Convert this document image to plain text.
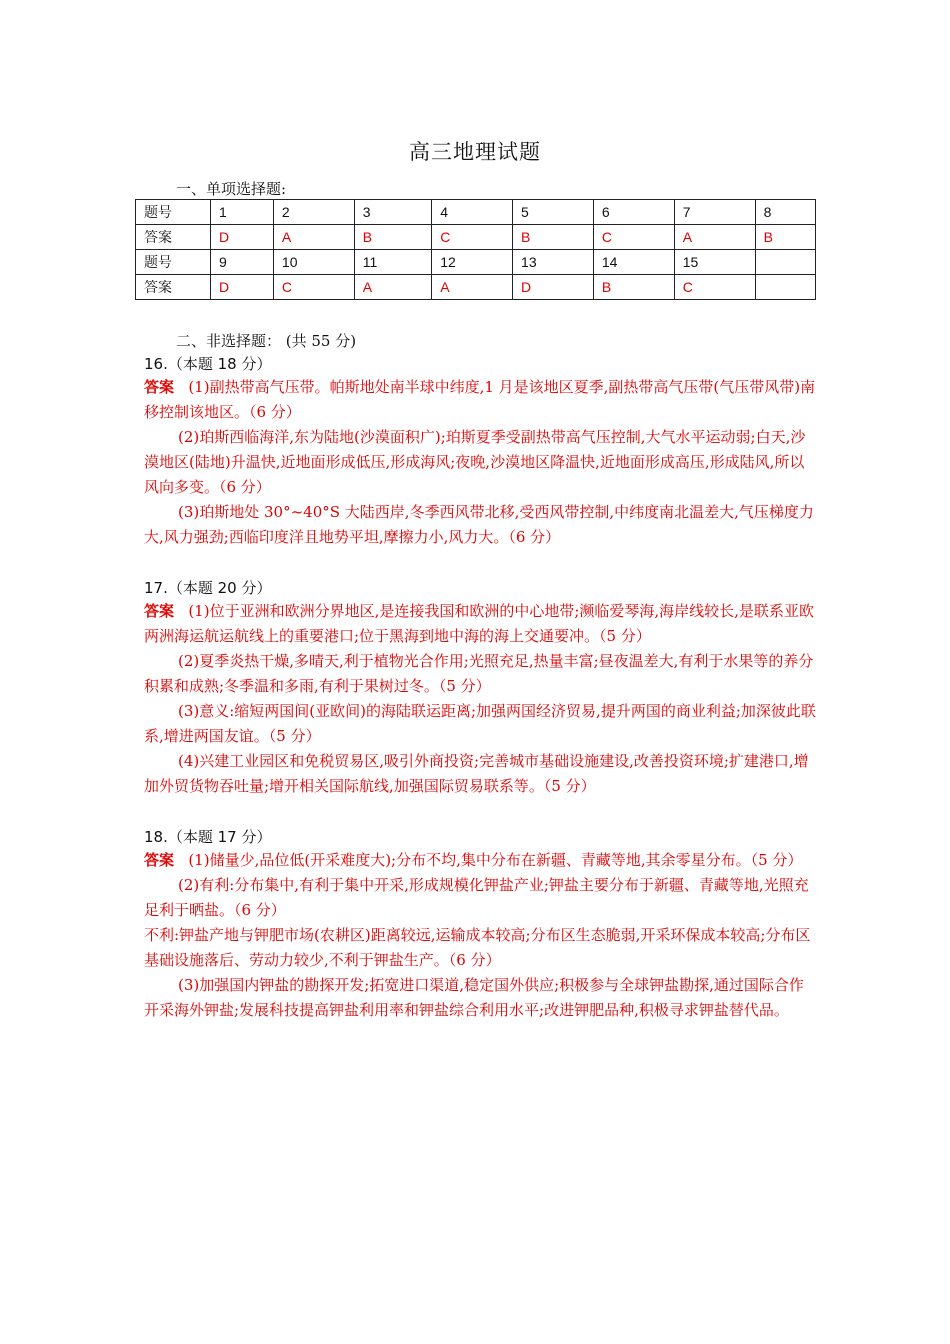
高三地理试题
一、单项选择题:
题号	1	2	3	4	5	6	7	8
答案	D	A	B	C	B	C	A	B
题号	9	10	11	12	13	14	15	
答案	D	C	A	A	D	B	C	
二、非选择题： (共 55 分)
16.（本题 18 分）

答案 (1)副热带高气压带。帕斯地处南半球中纬度,1 月是该地区夏季,副热带高气压带(气压带风带)南移控制该地区。（6 分）

(2)珀斯西临海洋,东为陆地(沙漠面积广);珀斯夏季受副热带高气压控制,大气水平运动弱;白天,沙漠地区(陆地)升温快,近地面形成低压,形成海风;夜晚,沙漠地区降温快,近地面形成高压,形成陆风,所以风向多变。（6 分）

(3)珀斯地处 30°~40°S 大陆西岸,冬季西风带北移,受西风带控制,中纬度南北温差大,气压梯度力大,风力强劲;西临印度洋且地势平坦,摩擦力小,风力大。（6 分）

17.（本题 20 分）

答案 (1)位于亚洲和欧洲分界地区,是连接我国和欧洲的中心地带;濒临爱琴海,海岸线较长,是联系亚欧两洲海运航运航线上的重要港口;位于黑海到地中海的海上交通要冲。（5 分）

(2)夏季炎热干燥,多晴天,利于植物光合作用;光照充足,热量丰富;昼夜温差大,有利于水果等的养分积累和成熟;冬季温和多雨,有利于果树过冬。（5 分）

(3)意义:缩短两国间(亚欧间)的海陆联运距离;加强两国经济贸易,提升两国的商业利益;加深彼此联系,增进两国友谊。（5 分）

(4)兴建工业园区和免税贸易区,吸引外商投资;完善城市基础设施建设,改善投资环境;扩建港口,增加外贸货物吞吐量;增开相关国际航线,加强国际贸易联系等。（5 分）

18.（本题 17 分）

答案 (1)储量少,品位低(开采难度大);分布不均,集中分布在新疆、青藏等地,其余零星分布。（5 分）

(2)有利:分布集中,有利于集中开采,形成规模化钾盐产业;钾盐主要分布于新疆、青藏等地,光照充足利于晒盐。（6 分）

不利:钾盐产地与钾肥市场(农耕区)距离较远,运输成本较高;分布区生态脆弱,开采环保成本较高;分布区基础设施落后、劳动力较少,不利于钾盐生产。（6 分）

(3)加强国内钾盐的勘探开发;拓宽进口渠道,稳定国外供应;积极参与全球钾盐勘探,通过国际合作开采海外钾盐;发展科技提高钾盐利用率和钾盐综合利用水平;改进钾肥品种,积极寻求钾盐替代品。
